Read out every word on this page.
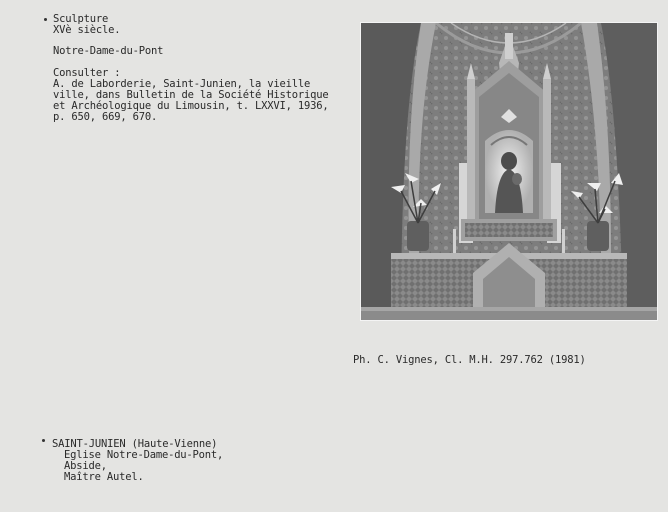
Sculpture
XVè siècle.
Notre-Dame-du-Pont
Consulter :
A. de Laborderie, Saint-Junien, la vieille
ville, dans Bulletin de la Société Historique
et Archéologique du Limousin, t. LXXVI, 1936,
p. 650, 669, 670.
Ph. C. Vignes, Cl. M.H. 297.762 (1981)
SAINT-JUNIEN (Haute-Vienne)
Eglise Notre-Dame-du-Pont,
Abside,
Maître Autel.
